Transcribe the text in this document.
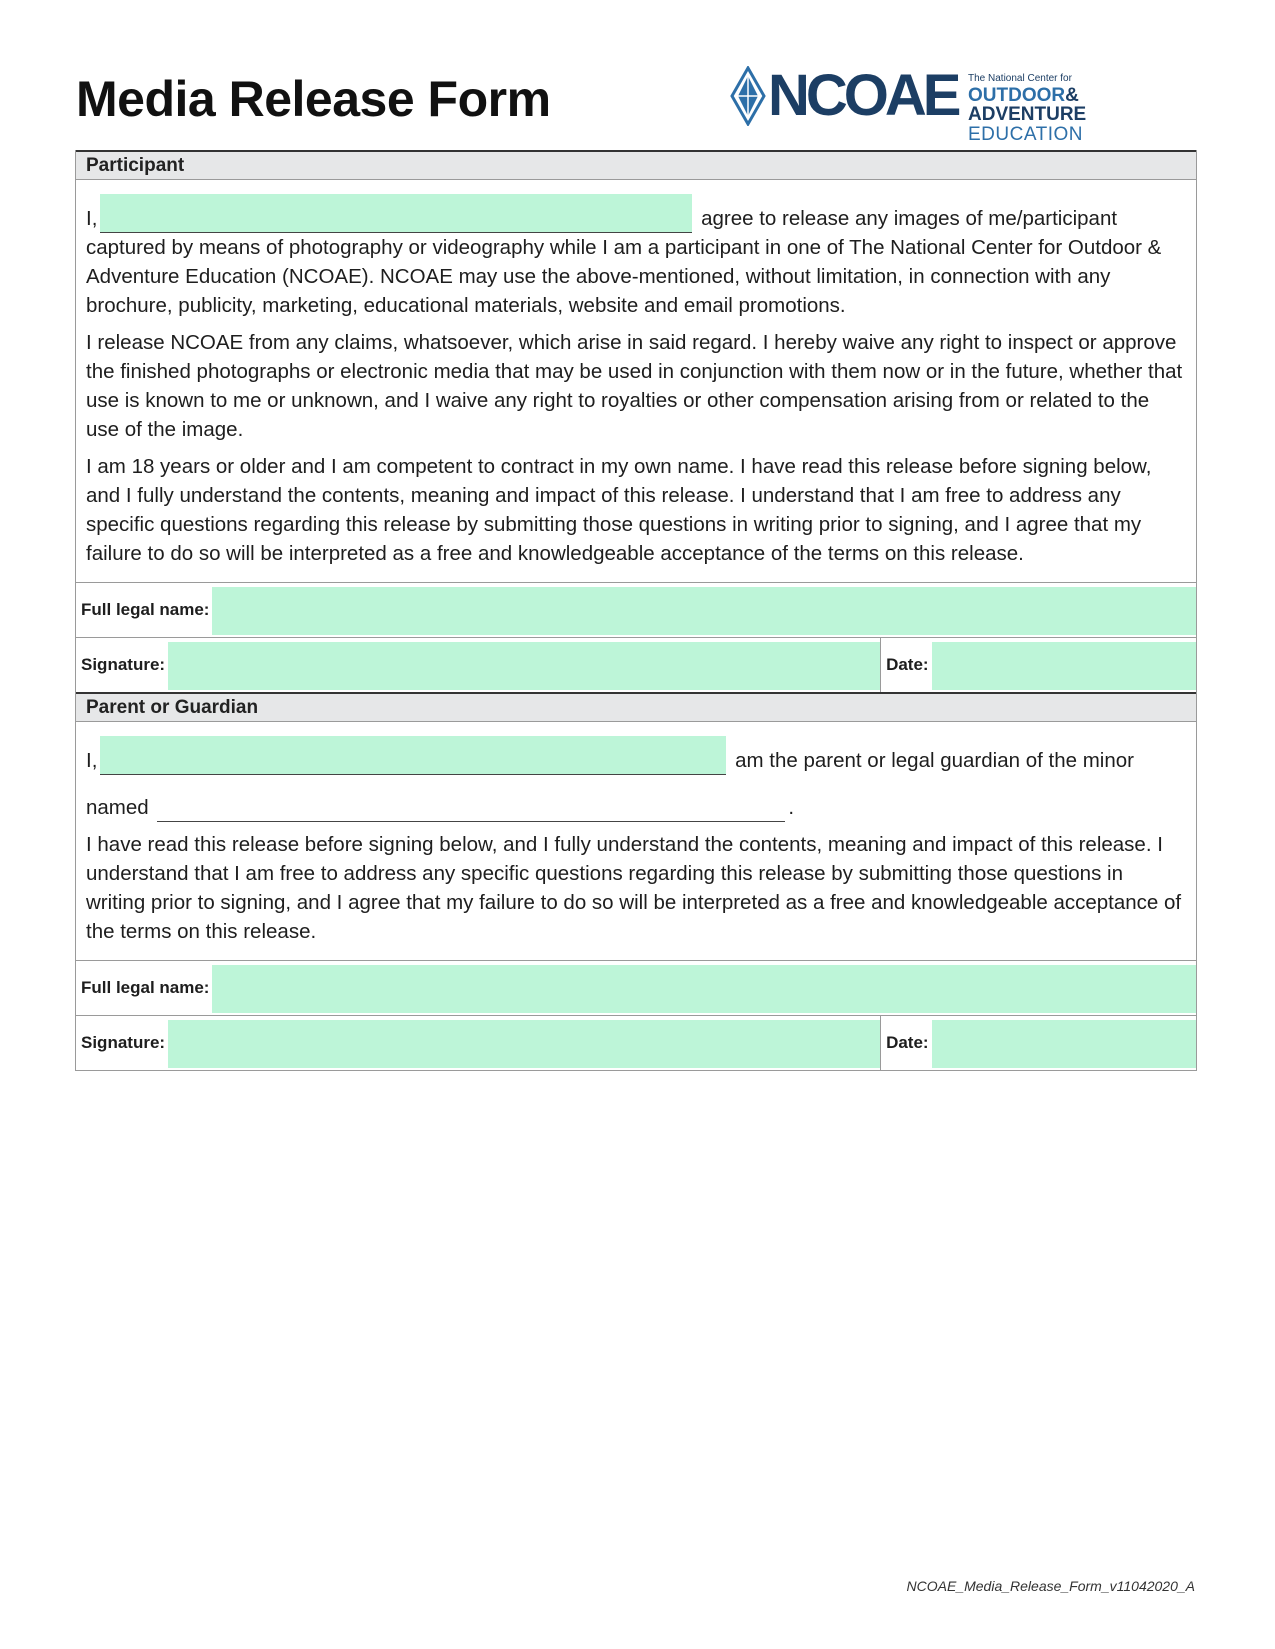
Media Release Form	NCOAE The National Center for
OUTDOOR& ADVENTURE
EDUCATION
Participant

I,	agree to release any images of me/participant captured by means of photography or videography while I am a participant in one of The National Center for Outdoor & Adventure Education (NCOAE). NCOAE may use the above-mentioned, without limitation, in connection with any brochure, publicity, marketing, educational materials, website and email promotions.

I release NCOAE from any claims, whatsoever, which arise in said regard. I hereby waive any right to inspect or approve the finished photographs or electronic media that may be used in conjunction with them now or in the future, whether that use is known to me or unknown, and I waive any right to royalties or other compensation arising from or related to the use of the image.

I am 18 years or older and I am competent to contract in my own name. I have read this release before signing below, and I fully understand the contents, meaning and impact of this release. I understand that I am free to address any specific questions regarding this release by submitting those questions in writing prior to signing, and I agree that my failure to do so will be interpreted as a free and knowledgeable acceptance of the terms on this release.

Full legal name:
Signature:	Date:
Parent or Guardian

I,	am the parent or legal guardian of the minor

named	.

I have read this release before signing below, and I fully understand the contents, meaning and impact of this release. I understand that I am free to address any specific questions regarding this release by submitting those questions in writing prior to signing, and I agree that my failure to do so will be interpreted as a free and knowledgeable acceptance of the terms on this release.

Full legal name:
Signature:	Date:
NCOAE_Media_Release_Form_v11042020_A
